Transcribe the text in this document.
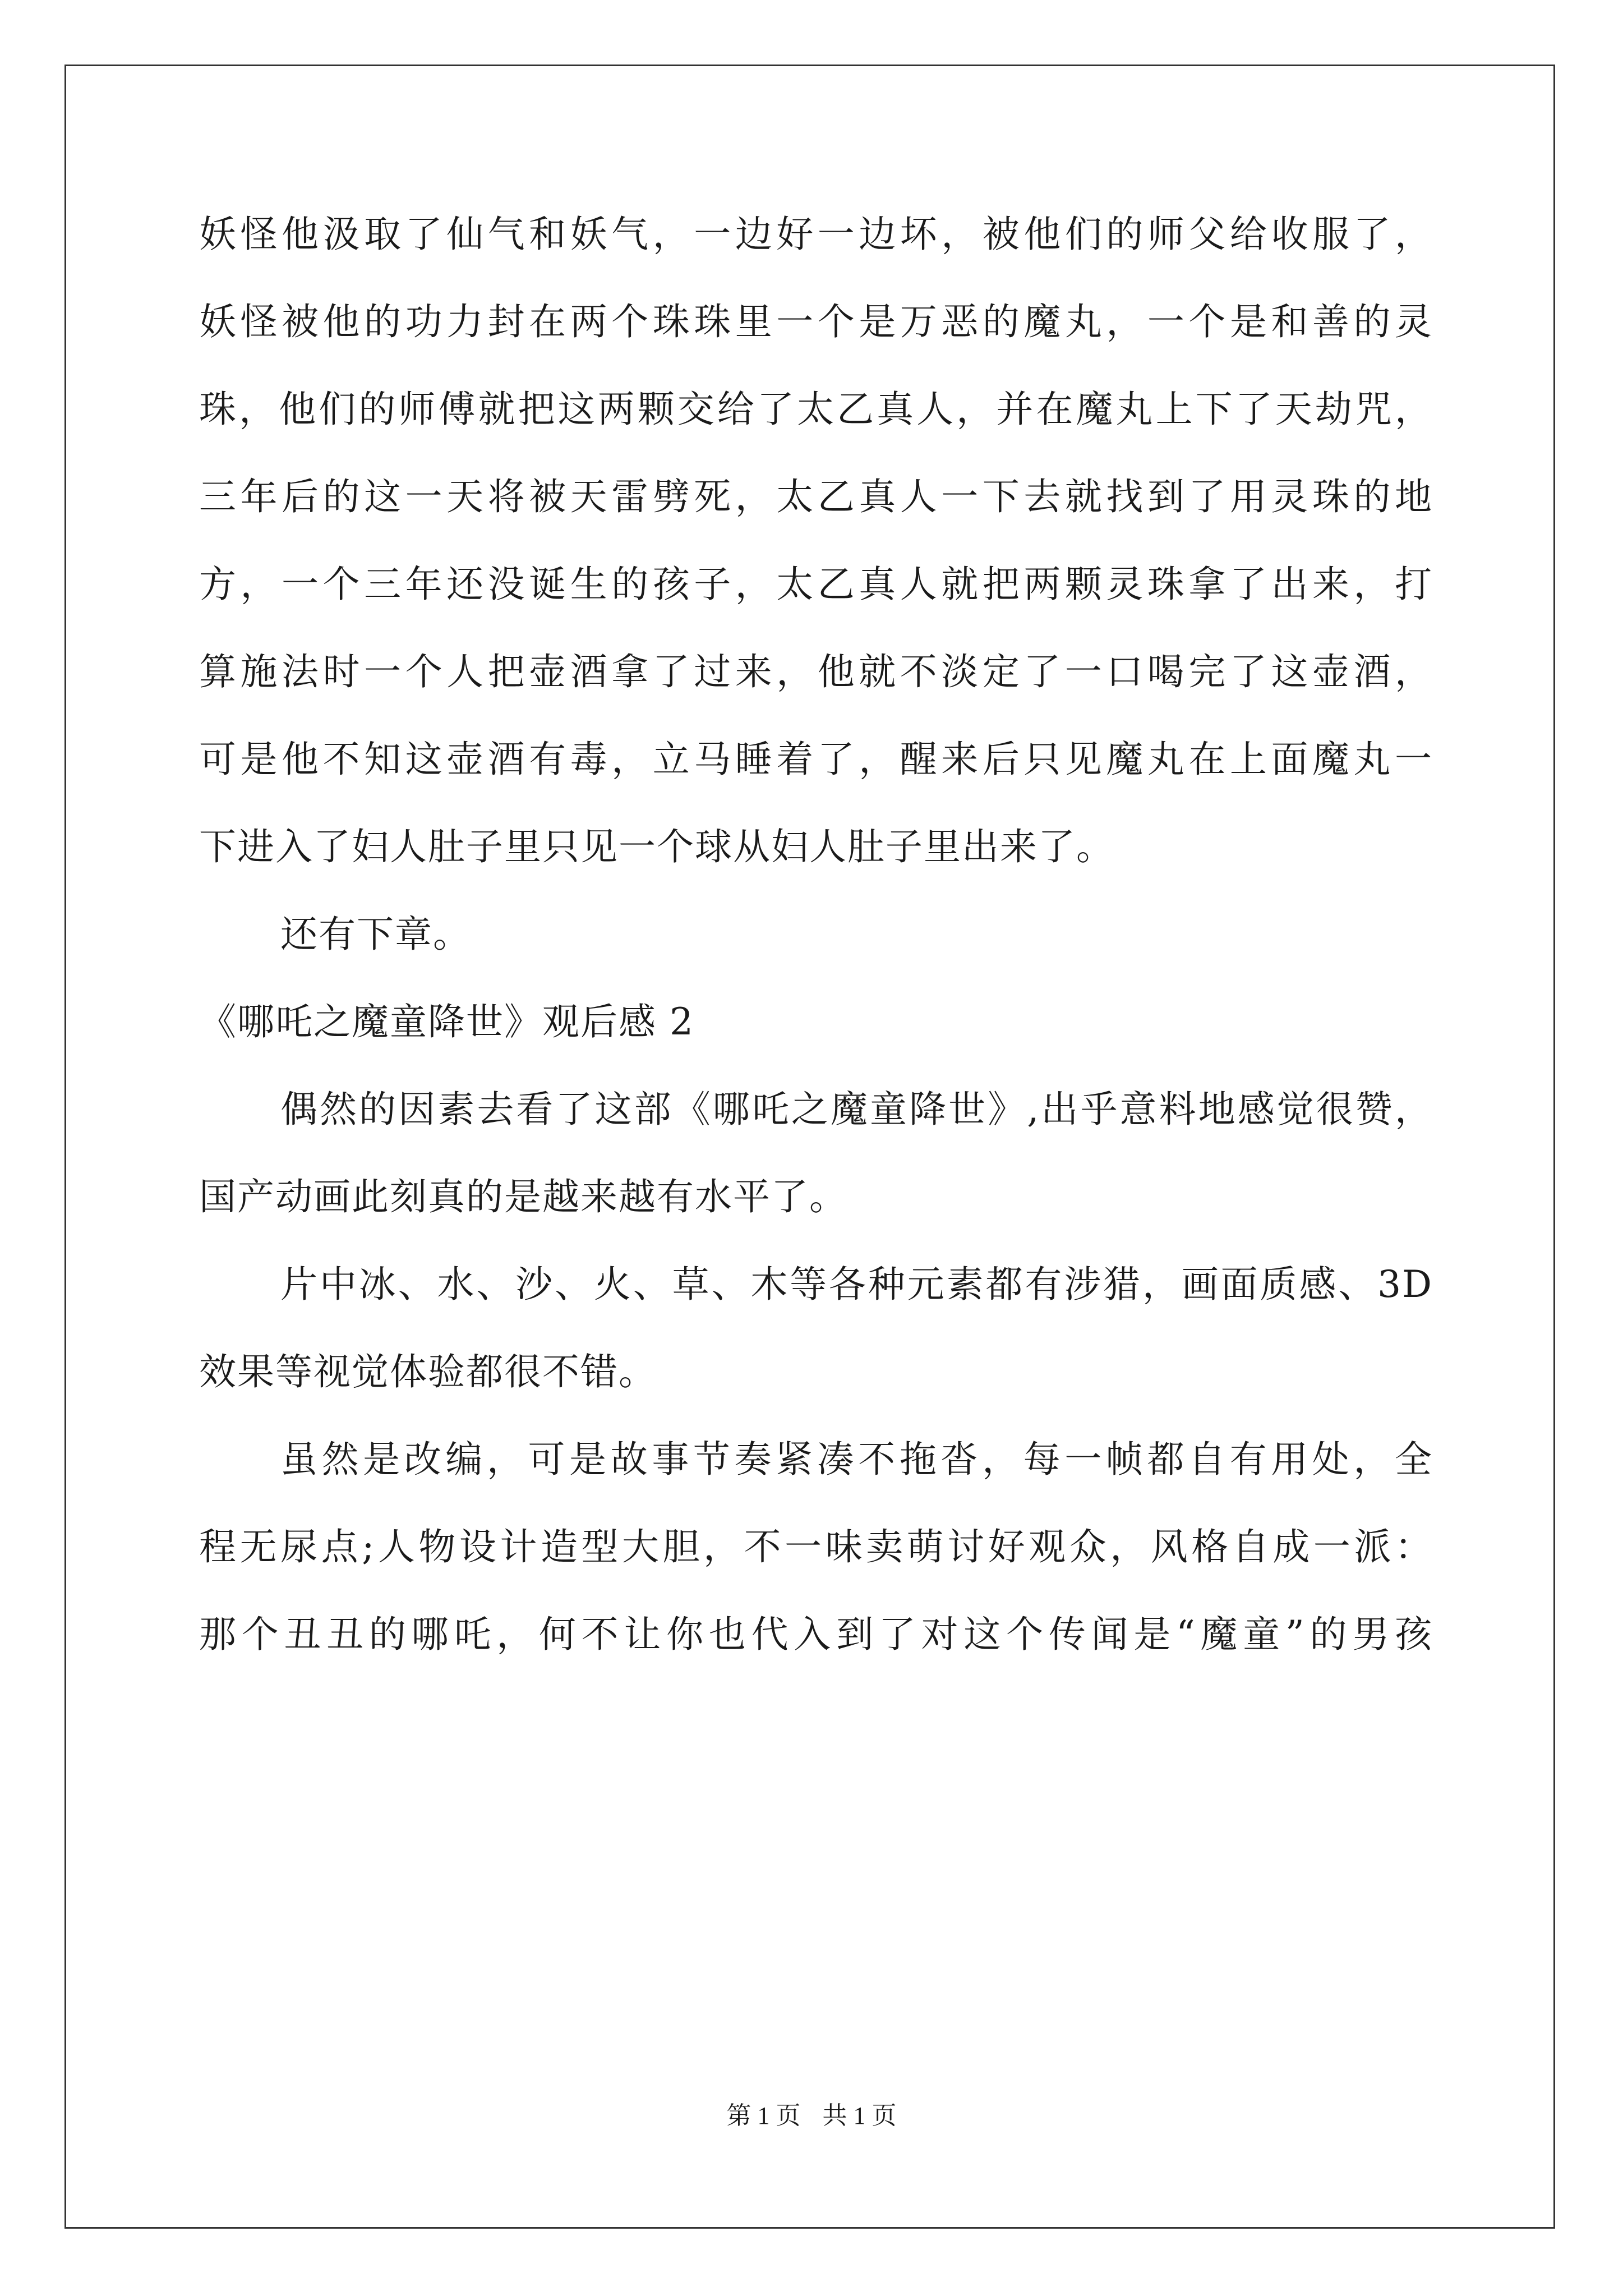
妖怪他汲取了仙气和妖气，一边好一边坏，被他们的师父给收服了，
妖怪被他的功力封在两个珠珠里一个是万恶的魔丸，一个是和善的灵
珠，他们的师傅就把这两颗交给了太乙真人，并在魔丸上下了天劫咒，
三年后的这一天将被天雷劈死，太乙真人一下去就找到了用灵珠的地
方，一个三年还没诞生的孩子，太乙真人就把两颗灵珠拿了出来，打
算施法时一个人把壶酒拿了过来，他就不淡定了一口喝完了这壶酒，
可是他不知这壶酒有毒，立马睡着了，醒来后只见魔丸在上面魔丸一
下进入了妇人肚子里只见一个球从妇人肚子里出来了。
还有下章。
《哪吒之魔童降世》观后感 2
偶然的因素去看了这部《哪吒之魔童降世》,出乎意料地感觉很赞，
国产动画此刻真的是越来越有水平了。
片中冰、水、沙、火、草、木等各种元素都有涉猎，画面质感、3D
效果等视觉体验都很不错。
虽然是改编，可是故事节奏紧凑不拖沓，每一帧都自有用处，全
程无尿点;人物设计造型大胆，不一味卖萌讨好观众，风格自成一派：
那个丑丑的哪吒，何不让你也代入到了对这个传闻是“魔童”的男孩
第 1 页 共 1 页
